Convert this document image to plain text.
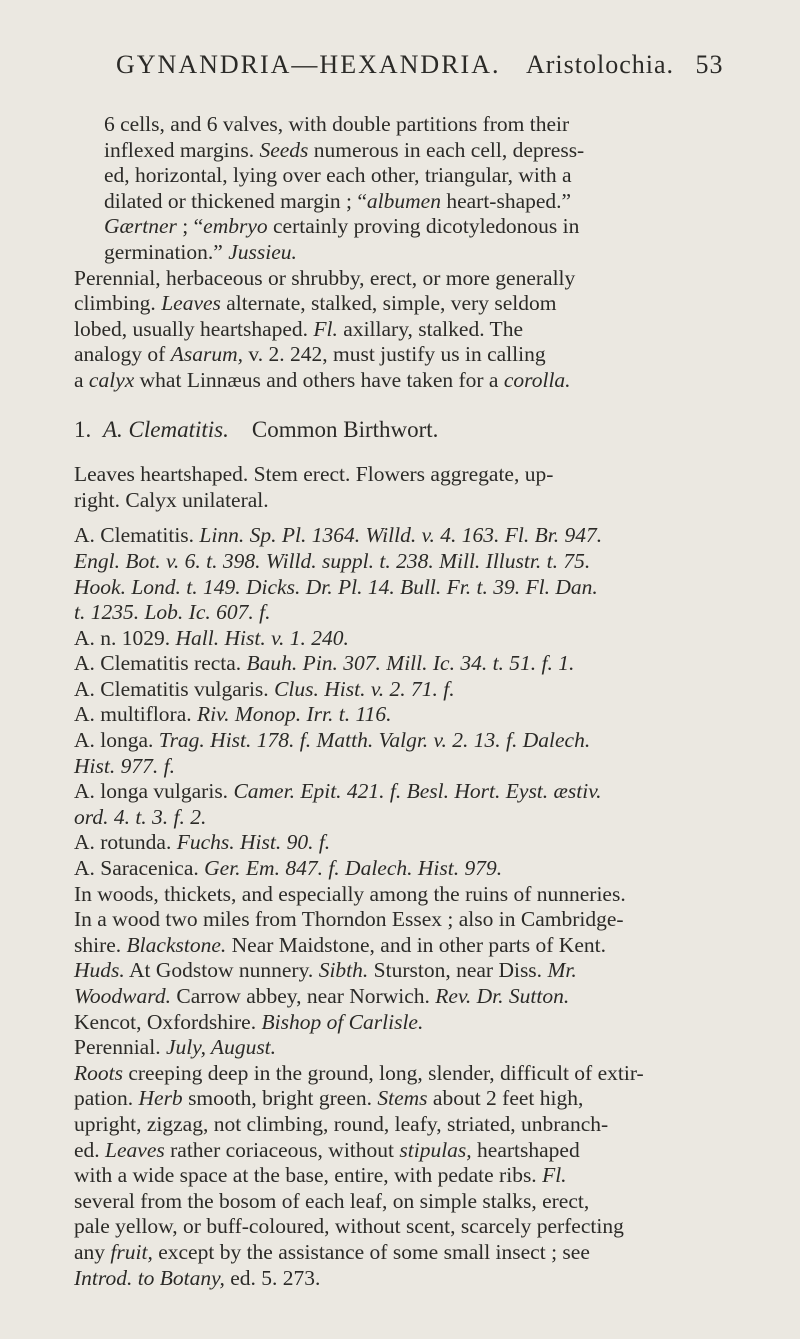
GYNANDRIA—HEXANDRIA. Aristolochia. 53
6 cells, and 6 valves, with double partitions from their
inflexed margins. Seeds numerous in each cell, depress-
ed, horizontal, lying over each other, triangular, with a
dilated or thickened margin ; “albumen heart-shaped.”
Gærtner ; “embryo certainly proving dicotyledonous in
germination.” Jussieu.
Perennial, herbaceous or shrubby, erect, or more generally
climbing. Leaves alternate, stalked, simple, very seldom
lobed, usually heartshaped. Fl. axillary, stalked. The
analogy of Asarum, v. 2. 242, must justify us in calling
a calyx what Linnæus and others have taken for a corolla.
1. A. Clematitis. Common Birthwort.
Leaves heartshaped. Stem erect. Flowers aggregate, up-
right. Calyx unilateral.
A. Clematitis. Linn. Sp. Pl. 1364. Willd. v. 4. 163. Fl. Br. 947.
Engl. Bot. v. 6. t. 398. Willd. suppl. t. 238. Mill. Illustr. t. 75.
Hook. Lond. t. 149. Dicks. Dr. Pl. 14. Bull. Fr. t. 39. Fl. Dan.
t. 1235. Lob. Ic. 607. f.
A. n. 1029. Hall. Hist. v. 1. 240.
A. Clematitis recta. Bauh. Pin. 307. Mill. Ic. 34. t. 51. f. 1.
A. Clematitis vulgaris. Clus. Hist. v. 2. 71. f.
A. multiflora. Riv. Monop. Irr. t. 116.
A. longa. Trag. Hist. 178. f. Matth. Valgr. v. 2. 13. f. Dalech.
Hist. 977. f.
A. longa vulgaris. Camer. Epit. 421. f. Besl. Hort. Eyst. æstiv.
ord. 4. t. 3. f. 2.
A. rotunda. Fuchs. Hist. 90. f.
A. Saracenica. Ger. Em. 847. f. Dalech. Hist. 979.
In woods, thickets, and especially among the ruins of nunneries.
In a wood two miles from Thorndon Essex ; also in Cambridge-
shire. Blackstone. Near Maidstone, and in other parts of Kent.
Huds. At Godstow nunnery. Sibth. Sturston, near Diss. Mr.
Woodward. Carrow abbey, near Norwich. Rev. Dr. Sutton.
Kencot, Oxfordshire. Bishop of Carlisle.
Perennial. July, August.
Roots creeping deep in the ground, long, slender, difficult of extir-
pation. Herb smooth, bright green. Stems about 2 feet high,
upright, zigzag, not climbing, round, leafy, striated, unbranch-
ed. Leaves rather coriaceous, without stipulas, heartshaped
with a wide space at the base, entire, with pedate ribs. Fl.
several from the bosom of each leaf, on simple stalks, erect,
pale yellow, or buff-coloured, without scent, scarcely perfecting
any fruit, except by the assistance of some small insect ; see
Introd. to Botany, ed. 5. 273.
